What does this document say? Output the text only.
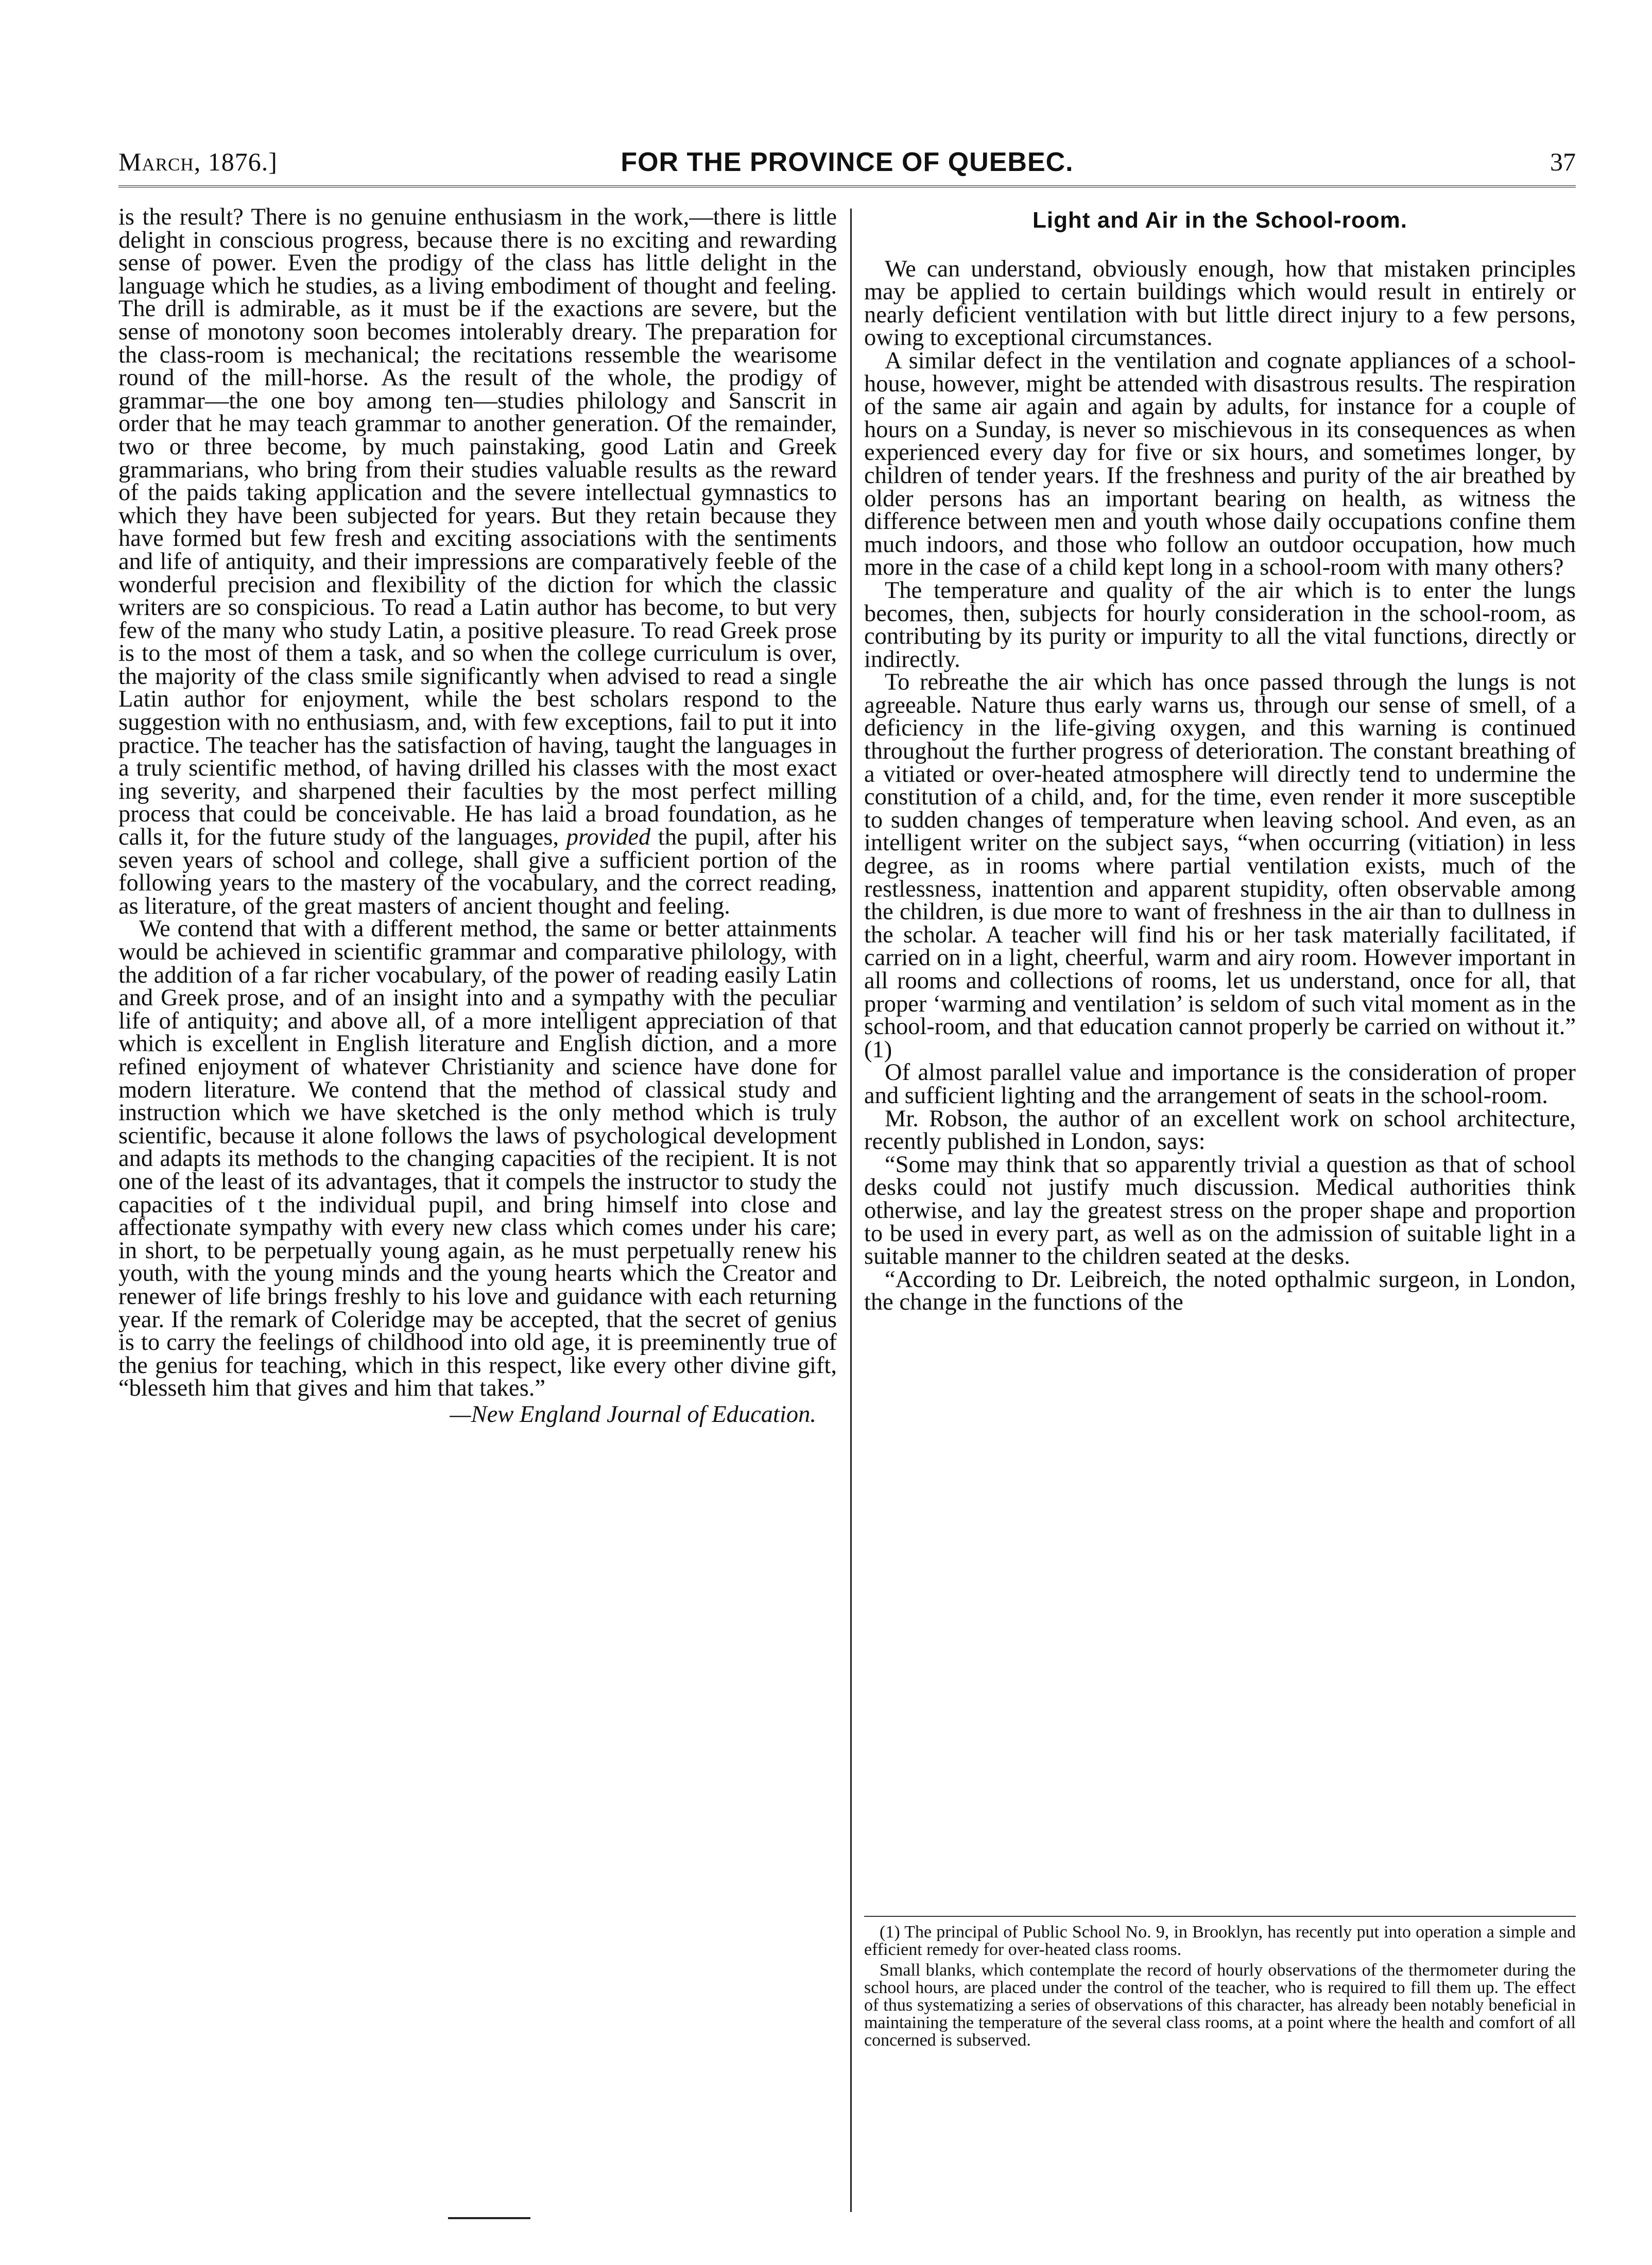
March, 1876.]	FOR THE PROVINCE OF QUEBEC.	37

is the result? There is no genuine enthusiasm in the work,—there is little delight in conscious progress, because there is no exciting and rewarding sense of power. Even the prodigy of the class has little delight in the language which he studies, as a living embodiment of thought and feeling. The drill is admirable, as it must be if the exactions are severe, but the sense of monotony soon becomes intolerably dreary. The preparation for the class-room is mechanical; the recitations ressemble the wearisome round of the mill-horse. As the result of the whole, the prodigy of grammar—the one boy among ten—studies philology and Sanscrit in order that he may teach grammar to another generation. Of the remainder, two or three become, by much painstaking, good Latin and Greek grammarians, who bring from their studies valuable results as the reward of the paids taking application and the severe intellectual gymnastics to which they have been subjected for years. But they retain because they have formed but few fresh and exciting associations with the sentiments and life of antiquity, and their impressions are comparatively feeble of the wonderful precision and flexibility of the diction for which the classic writers are so conspicious. To read a Latin author has become, to but very few of the many who study Latin, a positive pleasure. To read Greek prose is to the most of them a task, and so when the college curriculum is over, the majority of the class smile significantly when advised to read a single Latin author for enjoyment, while the best scholars respond to the suggestion with no enthusiasm, and, with few exceptions, fail to put it into practice. The teacher has the satisfaction of having, taught the languages in a truly scientific method, of having drilled his classes with the most exact ing severity, and sharpened their faculties by the most perfect milling process that could be conceivable. He has laid a broad foundation, as he calls it, for the future study of the languages, provided the pupil, after his seven years of school and college, shall give a sufficient portion of the following years to the mastery of the vocabulary, and the correct reading, as literature, of the great masters of ancient thought and feeling.

We contend that with a different method, the same or better attainments would be achieved in scientific grammar and comparative philology, with the addition of a far richer vocabulary, of the power of reading easily Latin and Greek prose, and of an insight into and a sympathy with the peculiar life of antiquity; and above all, of a more intelligent appreciation of that which is excellent in English literature and English diction, and a more refined enjoyment of whatever Christianity and science have done for modern literature. We contend that the method of classical study and instruction which we have sketched is the only method which is truly scientific, because it alone follows the laws of psychological development and adapts its methods to the changing capacities of the recipient. It is not one of the least of its advantages, that it compels the instructor to study the capacities of t the individual pupil, and bring himself into close and affectionate sympathy with every new class which comes under his care; in short, to be perpetually young again, as he must perpetually renew his youth, with the young minds and the young hearts which the Creator and renewer of life brings freshly to his love and guidance with each returning year. If the remark of Coleridge may be accepted, that the secret of genius is to carry the feelings of childhood into old age, it is preeminently true of the genius for teaching, which in this respect, like every other divine gift, “blesseth him that gives and him that takes.”

—New England Journal of Education.

Light and Air in the School-room.

We can understand, obviously enough, how that mistaken principles may be applied to certain buildings which would result in entirely or nearly deficient ventilation with but little direct injury to a few persons, owing to exceptional circumstances.

A similar defect in the ventilation and cognate appliances of a school-house, however, might be attended with disastrous results. The respiration of the same air again and again by adults, for instance for a couple of hours on a Sunday, is never so mischievous in its consequences as when experienced every day for five or six hours, and sometimes longer, by children of tender years. If the freshness and purity of the air breathed by older persons has an important bearing on health, as witness the difference between men and youth whose daily occupations confine them much indoors, and those who follow an outdoor occupation, how much more in the case of a child kept long in a school-room with many others?

The temperature and quality of the air which is to enter the lungs becomes, then, subjects for hourly consideration in the school-room, as contributing by its purity or impurity to all the vital functions, directly or indirectly.

To rebreathe the air which has once passed through the lungs is not agreeable. Nature thus early warns us, through our sense of smell, of a deficiency in the life-giving oxygen, and this warning is continued throughout the further progress of deterioration. The constant breathing of a vitiated or over-heated atmosphere will directly tend to undermine the constitution of a child, and, for the time, even render it more susceptible to sudden changes of temperature when leaving school. And even, as an intelligent writer on the subject says, “when occurring (vitiation) in less degree, as in rooms where partial ventilation exists, much of the restlessness, inattention and apparent stupidity, often observable among the children, is due more to want of freshness in the air than to dullness in the scholar. A teacher will find his or her task materially facilitated, if carried on in a light, cheerful, warm and airy room. However important in all rooms and collections of rooms, let us understand, once for all, that proper ‘warming and ventilation’ is seldom of such vital moment as in the school-room, and that education cannot properly be carried on without it.” (1)

Of almost parallel value and importance is the consideration of proper and sufficient lighting and the arrangement of seats in the school-room.

Mr. Robson, the author of an excellent work on school architecture, recently published in London, says:

“Some may think that so apparently trivial a question as that of school desks could not justify much discussion. Medical authorities think otherwise, and lay the greatest stress on the proper shape and proportion to be used in every part, as well as on the admission of suitable light in a suitable manner to the children seated at the desks.

“According to Dr. Leibreich, the noted opthalmic surgeon, in London, the change in the functions of the

(1) The principal of Public School No. 9, in Brooklyn, has recently put into operation a simple and efficient remedy for over-heated class rooms.

Small blanks, which contemplate the record of hourly observations of the thermometer during the school hours, are placed under the control of the teacher, who is required to fill them up. The effect of thus systematizing a series of observations of this character, has already been notably beneficial in maintaining the temperature of the several class rooms, at a point where the health and comfort of all concerned is subserved.
